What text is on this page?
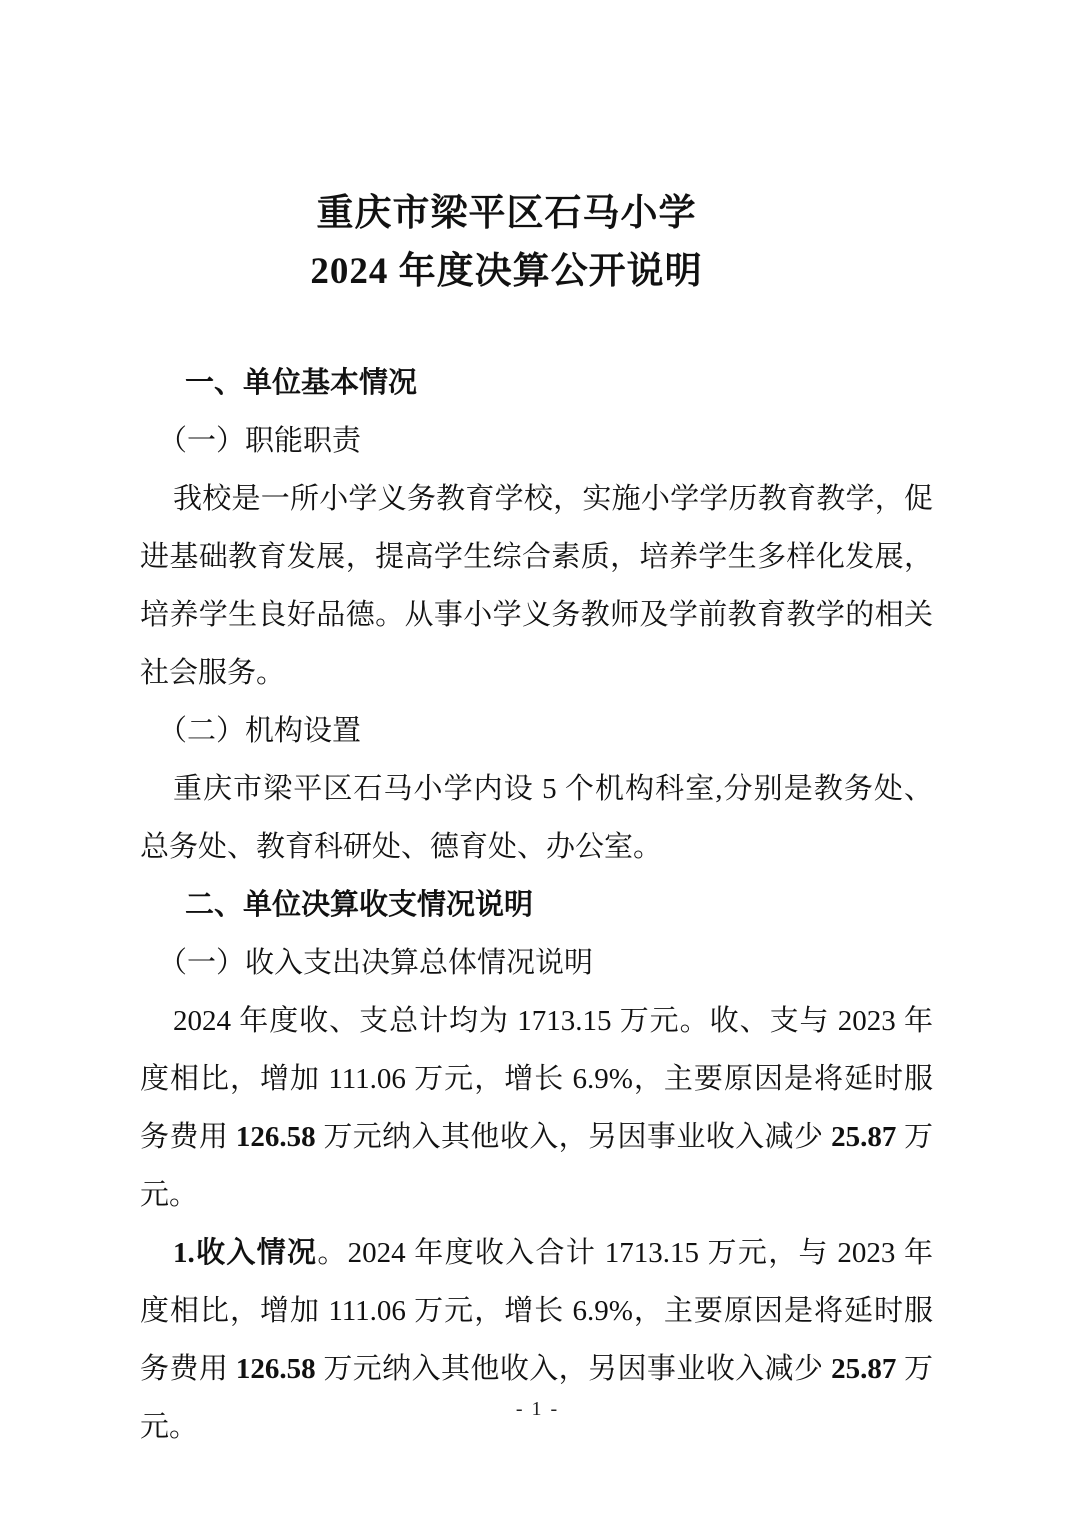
重庆市梁平区石马小学
2024 年度决算公开说明
一、单位基本情况
（一）职能职责
我校是一所小学义务教育学校，实施小学学历教育教学，促进基础教育发展，提高学生综合素质，培养学生多样化发展，培养学生良好品德。从事小学义务教师及学前教育教学的相关社会服务。
（二）机构设置
重庆市梁平区石马小学内设 5 个机构科室,分别是教务处、总务处、教育科研处、德育处、办公室。
二、单位决算收支情况说明
（一）收入支出决算总体情况说明
2024 年度收、支总计均为 1713.15 万元。收、支与 2023 年度相比，增加 111.06 万元，增长 6.9%，主要原因是将延时服务费用 126.58 万元纳入其他收入，另因事业收入减少 25.87 万元。
1.收入情况。2024 年度收入合计 1713.15 万元，与 2023 年度相比，增加 111.06 万元，增长 6.9%，主要原因是将延时服务费用 126.58 万元纳入其他收入，另因事业收入减少 25.87 万元。
- 1 -
